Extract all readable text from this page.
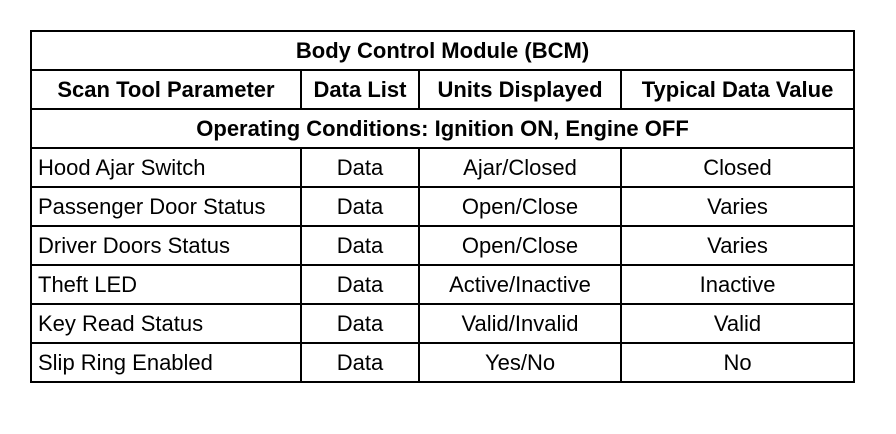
Body Control Module (BCM)			
Scan Tool Parameter	Data List	Units Displayed	Typical Data Value
Operating Conditions: Ignition ON, Engine OFF			
Hood Ajar Switch	Data	Ajar/Closed	Closed
Passenger Door Status	Data	Open/Close	Varies
Driver Doors Status	Data	Open/Close	Varies
Theft LED	Data	Active/Inactive	Inactive
Key Read Status	Data	Valid/Invalid	Valid
Slip Ring Enabled	Data	Yes/No	No
